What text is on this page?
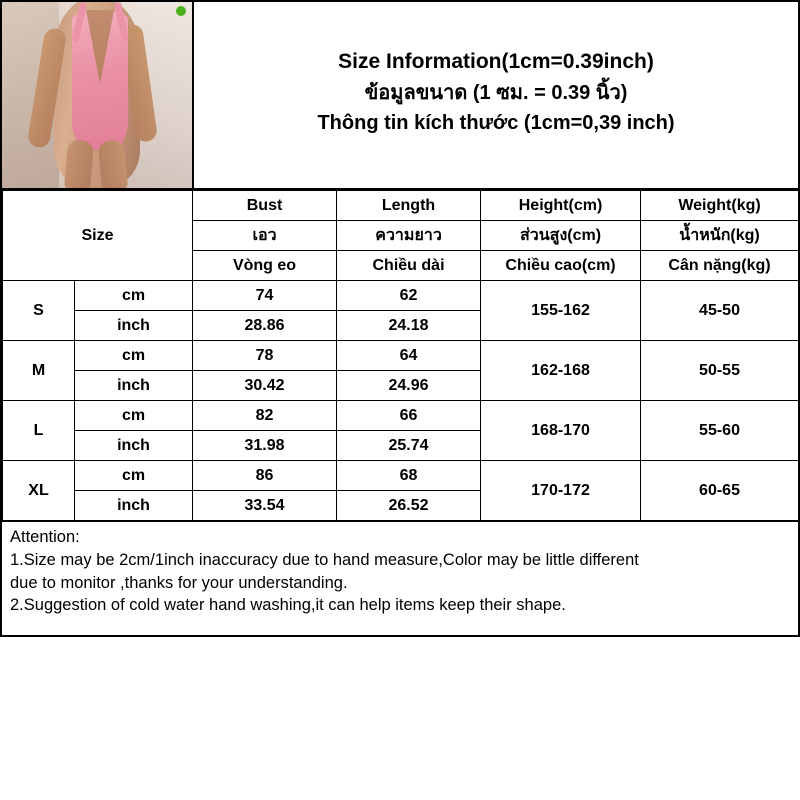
Size Information(1cm=0.39inch)
ข้อมูลขนาด (1 ซม. = 0.39 นิ้ว)
Thông tin kích thước (1cm=0,39 inch)
Size		Bust	Length	Height(cm)	Weight(kg)
		เอว	ความยาว	ส่วนสูง(cm)	น้ำหนัก(kg)
		Vòng eo	Chiều dài	Chiều cao(cm)	Cân nặng(kg)
S	cm	74	62	155-162	45-50
	inch	28.86	24.18		
M	cm	78	64	162-168	50-55
	inch	30.42	24.96		
L	cm	82	66	168-170	55-60
	inch	31.98	25.74		
XL	cm	86	68	170-172	60-65
	inch	33.54	26.52		
Attention:
1.Size may be 2cm/1inch inaccuracy due to hand measure,Color may be little different
due to monitor ,thanks for your understanding.
2.Suggestion of cold water hand washing,it can help items keep their shape.
